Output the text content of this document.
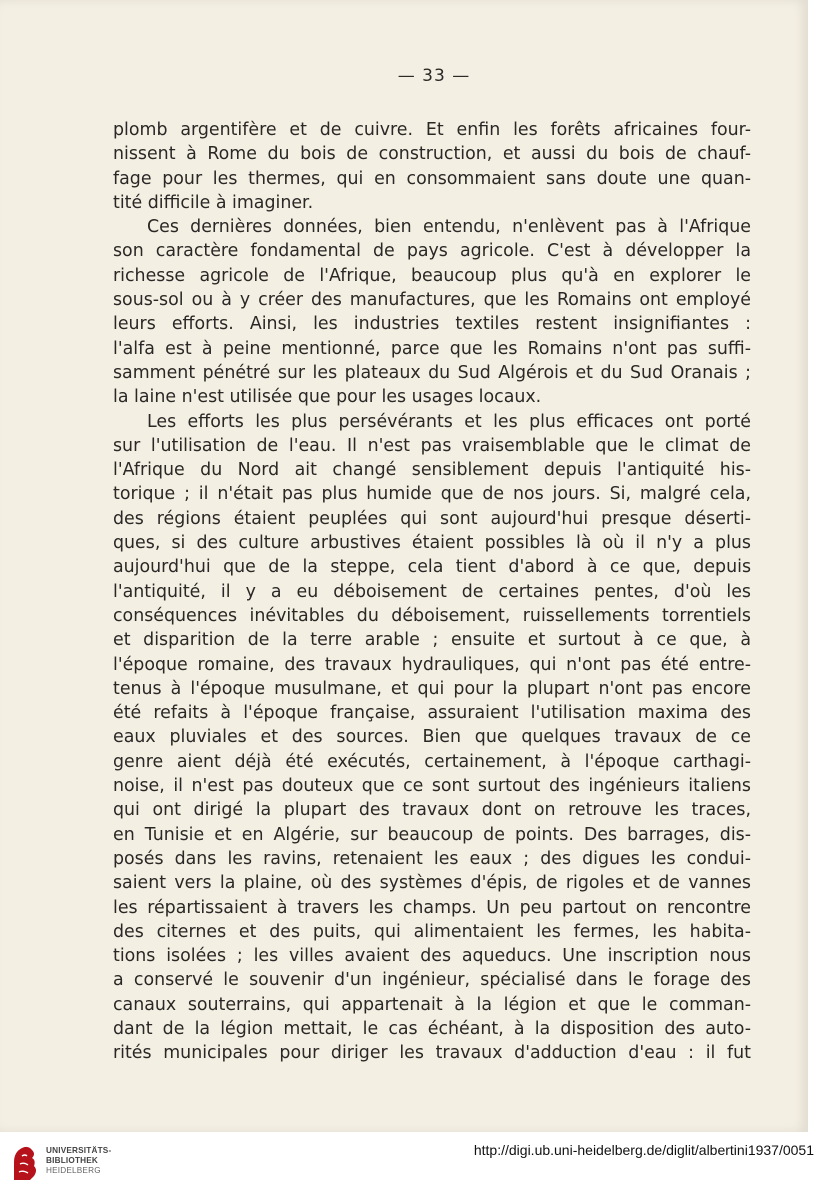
— 33 —

plomb argentifère et de cuivre. Et enfin les forêts africaines four-
nissent à Rome du bois de construction, et aussi du bois de chauf-
fage pour les thermes, qui en consommaient sans doute une quan-
tité difficile à imaginer.

Ces dernières données, bien entendu, n'enlèvent pas à l'Afrique
son caractère fondamental de pays agricole. C'est à développer la
richesse agricole de l'Afrique, beaucoup plus qu'à en explorer le
sous-sol ou à y créer des manufactures, que les Romains ont employé
leurs efforts. Ainsi, les industries textiles restent insignifiantes :
l'alfa est à peine mentionné, parce que les Romains n'ont pas suffi-
samment pénétré sur les plateaux du Sud Algérois et du Sud Oranais ;
la laine n'est utilisée que pour les usages locaux.

Les efforts les plus persévérants et les plus efficaces ont porté
sur l'utilisation de l'eau. Il n'est pas vraisemblable que le climat de
l'Afrique du Nord ait changé sensiblement depuis l'antiquité his-
torique ; il n'était pas plus humide que de nos jours. Si, malgré cela,
des régions étaient peuplées qui sont aujourd'hui presque déserti-
ques, si des culture arbustives étaient possibles là où il n'y a plus
aujourd'hui que de la steppe, cela tient d'abord à ce que, depuis
l'antiquité, il y a eu déboisement de certaines pentes, d'où les
conséquences inévitables du déboisement, ruissellements torrentiels
et disparition de la terre arable ; ensuite et surtout à ce que, à
l'époque romaine, des travaux hydrauliques, qui n'ont pas été entre-
tenus à l'époque musulmane, et qui pour la plupart n'ont pas encore
été refaits à l'époque française, assuraient l'utilisation maxima des
eaux pluviales et des sources. Bien que quelques travaux de ce
genre aient déjà été exécutés, certainement, à l'époque carthagi-
noise, il n'est pas douteux que ce sont surtout des ingénieurs italiens
qui ont dirigé la plupart des travaux dont on retrouve les traces,
en Tunisie et en Algérie, sur beaucoup de points. Des barrages, dis-
posés dans les ravins, retenaient les eaux ; des digues les condui-
saient vers la plaine, où des systèmes d'épis, de rigoles et de vannes
les répartissaient à travers les champs. Un peu partout on rencontre
des citernes et des puits, qui alimentaient les fermes, les habita-
tions isolées ; les villes avaient des aqueducs. Une inscription nous
a conservé le souvenir d'un ingénieur, spécialisé dans le forage des
canaux souterrains, qui appartenait à la légion et que le comman-
dant de la légion mettait, le cas échéant, à la disposition des auto-
rités municipales pour diriger les travaux d'adduction d'eau : il fut

UNIVERSITÄTS-
BIBLIOTHEK
HEIDELBERG
http://digi.ub.uni-heidelberg.de/diglit/albertini1937/0051
